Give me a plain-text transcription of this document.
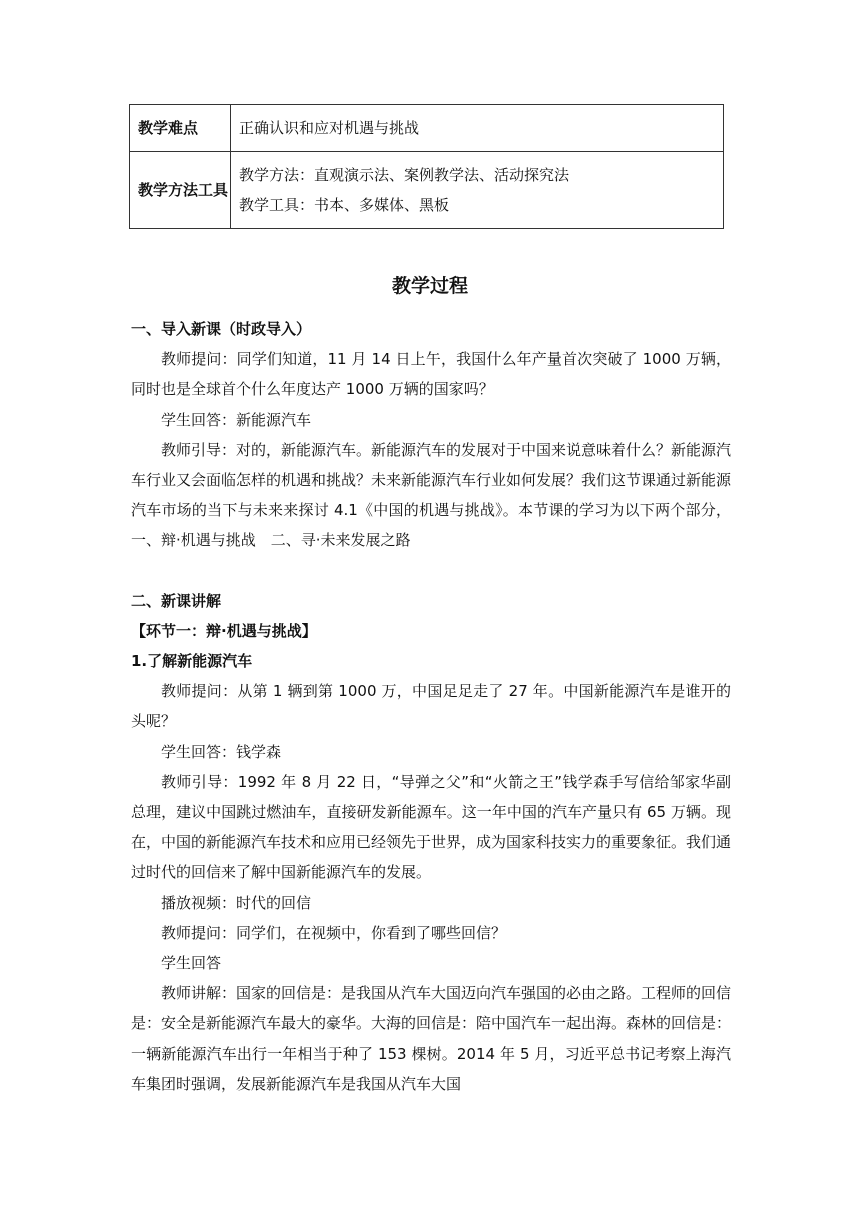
教学难点	正确认识和应对机遇与挑战

教学方法工具	教学方法：直观演示法、案例教学法、活动探究法
教学工具：书本、多媒体、黑板
教学过程

一、导入新课（时政导入）

教师提问：同学们知道，11 月 14 日上午，我国什么年产量首次突破了 1000 万辆，同时也是全球首个什么年度达产 1000 万辆的国家吗？

学生回答：新能源汽车

教师引导：对的，新能源汽车。新能源汽车的发展对于中国来说意味着什么？新能源汽车行业又会面临怎样的机遇和挑战？未来新能源汽车行业如何发展？我们这节课通过新能源汽车市场的当下与未来来探讨 4.1《中国的机遇与挑战》。本节课的学习为以下两个部分，一、辩·机遇与挑战　二、寻·未来发展之路

二、新课讲解

【环节一：辩·机遇与挑战】

1.了解新能源汽车

教师提问：从第 1 辆到第 1000 万，中国足足走了 27 年。中国新能源汽车是谁开的头呢？

学生回答：钱学森

教师引导：1992 年 8 月 22 日，“导弹之父”和“火箭之王”钱学森手写信给邹家华副总理，建议中国跳过燃油车，直接研发新能源车。这一年中国的汽车产量只有 65 万辆。现在，中国的新能源汽车技术和应用已经领先于世界，成为国家科技实力的重要象征。我们通过时代的回信来了解中国新能源汽车的发展。

播放视频：时代的回信

教师提问：同学们，在视频中，你看到了哪些回信？

学生回答

教师讲解：国家的回信是：是我国从汽车大国迈向汽车强国的必由之路。工程师的回信是：安全是新能源汽车最大的豪华。大海的回信是：陪中国汽车一起出海。森林的回信是：一辆新能源汽车出行一年相当于种了 153 棵树。2014 年 5 月，习近平总书记考察上海汽车集团时强调，发展新能源汽车是我国从汽车大国
